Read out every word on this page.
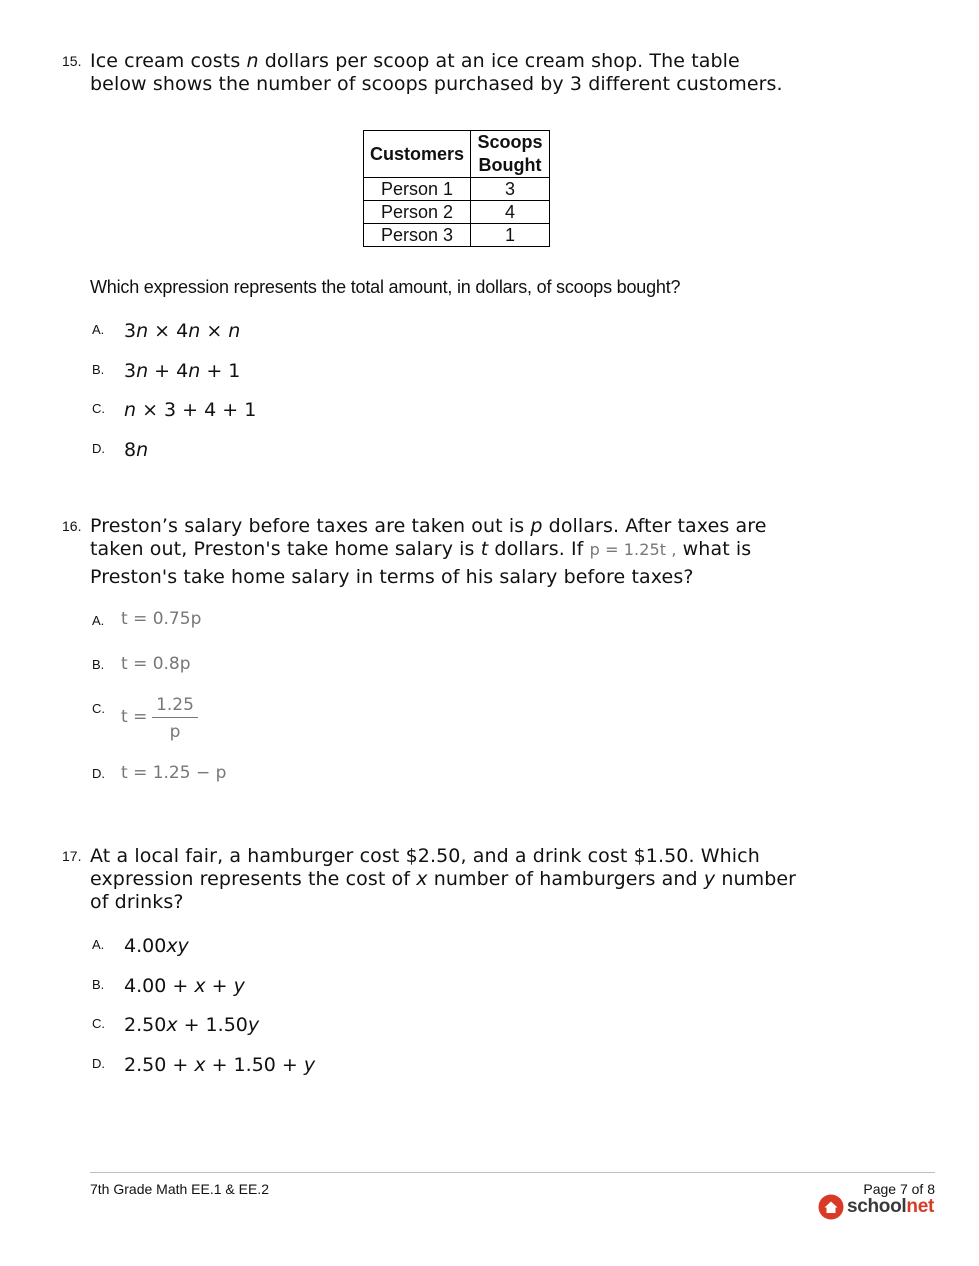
15. Ice cream costs n dollars per scoop at an ice cream shop. The table
below shows the number of scoops purchased by 3 different customers.
Customers	Scoops
Bought
Person 1	3
Person 2	4
Person 3	1
Which expression represents the total amount, in dollars, of scoops bought?
A. 3n × 4n × n
B. 3n + 4n + 1
C. n × 3 + 4 + 1
D. 8n
16. Preston’s salary before taxes are taken out is p dollars. After taxes are
taken out, Preston's take home salary is t dollars. If p = 1.25t , what is
Preston's take home salary in terms of his salary before taxes?
A. t = 0.75p
B. t = 0.8p
C. t =
1.25
p
D. t = 1.25 − p
17. At a local fair, a hamburger cost $2.50, and a drink cost $1.50. Which
expression represents the cost of x number of hamburgers and y number
of drinks?
A. 4.00xy
B. 4.00 + x + y
C. 2.50x + 1.50y
D. 2.50 + x + 1.50 + y
7th Grade Math EE.1 & EE.2	Page 7 of 8
schoolnet
